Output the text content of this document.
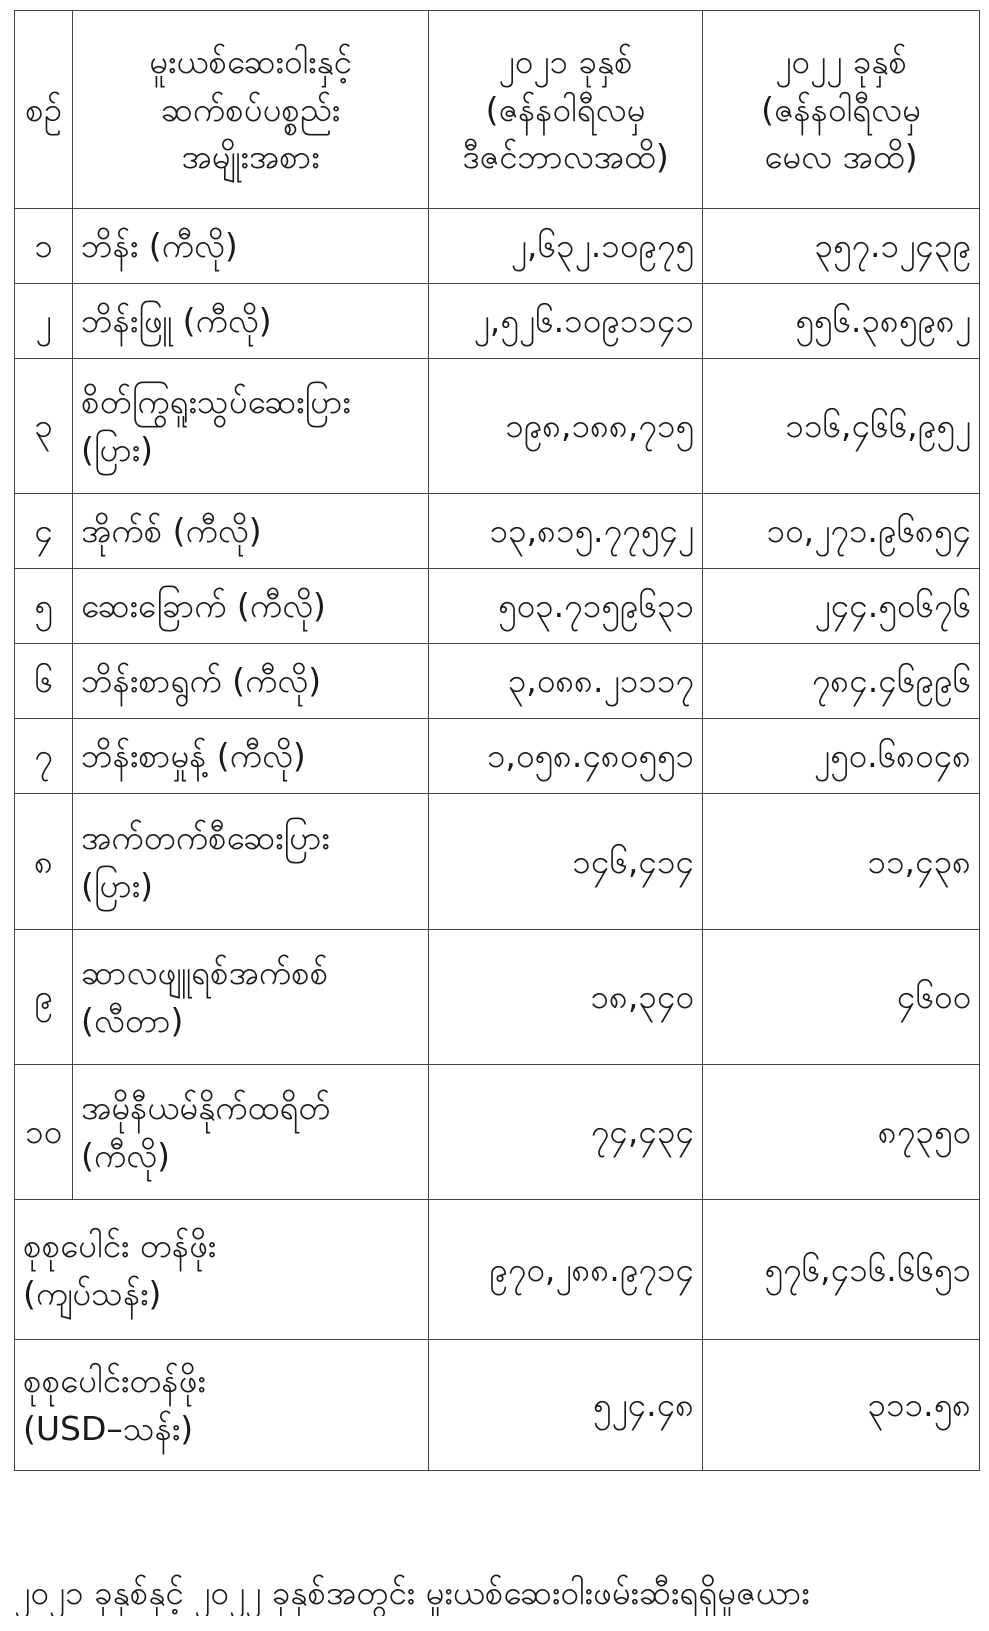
စဉ်	မူးယစ်ဆေးဝါးနှင့်
ဆက်စပ်ပစ္စည်း
အမျိုးအစား	၂၀၂၁ ခုနှစ်
(ဇန်နဝါရီလမှ
ဒီဇင်ဘာလအထိ)	၂၀၂၂ ခုနှစ်
(ဇန်နဝါရီလမှ
မေလ အထိ)

၁	ဘိန်း (ကီလို)	၂,၆၃၂.၁၀၉၇၅	၃၅၇.၁၂၄၃၉
၂	ဘိန်းဖြူ (ကီလို)	၂,၅၂၆.၁၀၉၁၁၄၁	၅၅၆.၃၈၅၉၈၂
၃	စိတ်ကြွရူးသွပ်ဆေးပြား
(ပြား)	၁၉၈,၁၈၈,၇၁၅	၁၁၆,၄၆၆,၉၅၂
၄	အိုက်စ် (ကီလို)	၁၃,၈၁၅.၇၇၅၄၂	၁၀,၂၇၁.၉၆၈၅၄
၅	ဆေးခြောက် (ကီလို)	၅၀၃.၇၁၅၉၆၃၁	၂၄၄.၅၀၆၇၆
၆	ဘိန်းစာရွက် (ကီလို)	၃,၀၈၈.၂၁၁၁၇	၇၈၄.၄၆၉၉၆
၇	ဘိန်းစာမှုန့် (ကီလို)	၁,၀၅၈.၄၈၀၅၅၁	၂၅၀.၆၈၀၄၈
၈	အက်တက်စီဆေးပြား
(ပြား)	၁၄၆,၄၁၄	၁၁,၄၃၈
၉	ဆာလဖျူရစ်အက်စစ်
(လီတာ)	၁၈,၃၄၀	၄၆၀၀
၁၀	အမိုနီယမ်နိုက်ထရိတ်
(ကီလို)	၇၄,၄၃၄	၈၇၃၅၀

စုစုပေါင်း တန်ဖိုး
(ကျပ်သန်း)		၉၇၀,၂၈၈.၉၇၁၄	၅၇၆,၄၁၆.၆၆၅၁

စုစုပေါင်းတန်ဖိုး
(USD–သန်း)		၅၂၄.၄၈	၃၁၁.၅၈
၂၀၂၁ ခုနှစ်နှင့် ၂၀၂၂ ခုနှစ်အတွင်း မူးယစ်ဆေးဝါးဖမ်းဆီးရရှိမှုဇယား
